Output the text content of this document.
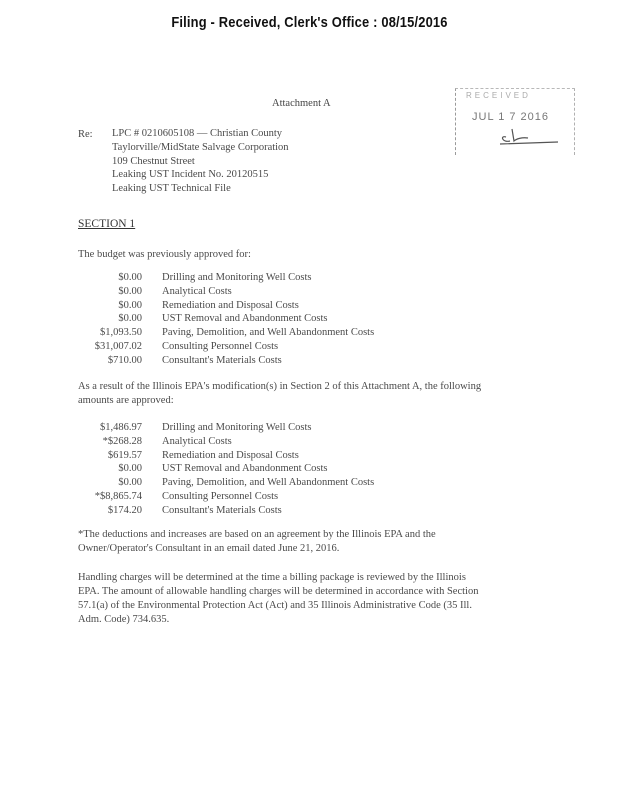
Filing - Received, Clerk's Office : 08/15/2016
Attachment A
RECEIVED
JUL 1 7 2016
Re: LPC # 0210605108 — Christian County
Taylorville/MidState Salvage Corporation
109 Chestnut Street
Leaking UST Incident No. 20120515
Leaking UST Technical File
SECTION 1
The budget was previously approved for:
$0.00	Drilling and Monitoring Well Costs
$0.00	Analytical Costs
$0.00	Remediation and Disposal Costs
$0.00	UST Removal and Abandonment Costs
$1,093.50	Paving, Demolition, and Well Abandonment Costs
$31,007.02	Consulting Personnel Costs
$710.00	Consultant's Materials Costs
As a result of the Illinois EPA's modification(s) in Section 2 of this Attachment A, the following amounts are approved:
$1,486.97	Drilling and Monitoring Well Costs
*$268.28	Analytical Costs
$619.57	Remediation and Disposal Costs
$0.00	UST Removal and Abandonment Costs
$0.00	Paving, Demolition, and Well Abandonment Costs
*$8,865.74	Consulting Personnel Costs
$174.20	Consultant's Materials Costs
*The deductions and increases are based on an agreement by the Illinois EPA and the Owner/Operator's Consultant in an email dated June 21, 2016.
Handling charges will be determined at the time a billing package is reviewed by the Illinois EPA. The amount of allowable handling charges will be determined in accordance with Section 57.1(a) of the Environmental Protection Act (Act) and 35 Illinois Administrative Code (35 Ill. Adm. Code) 734.635.
